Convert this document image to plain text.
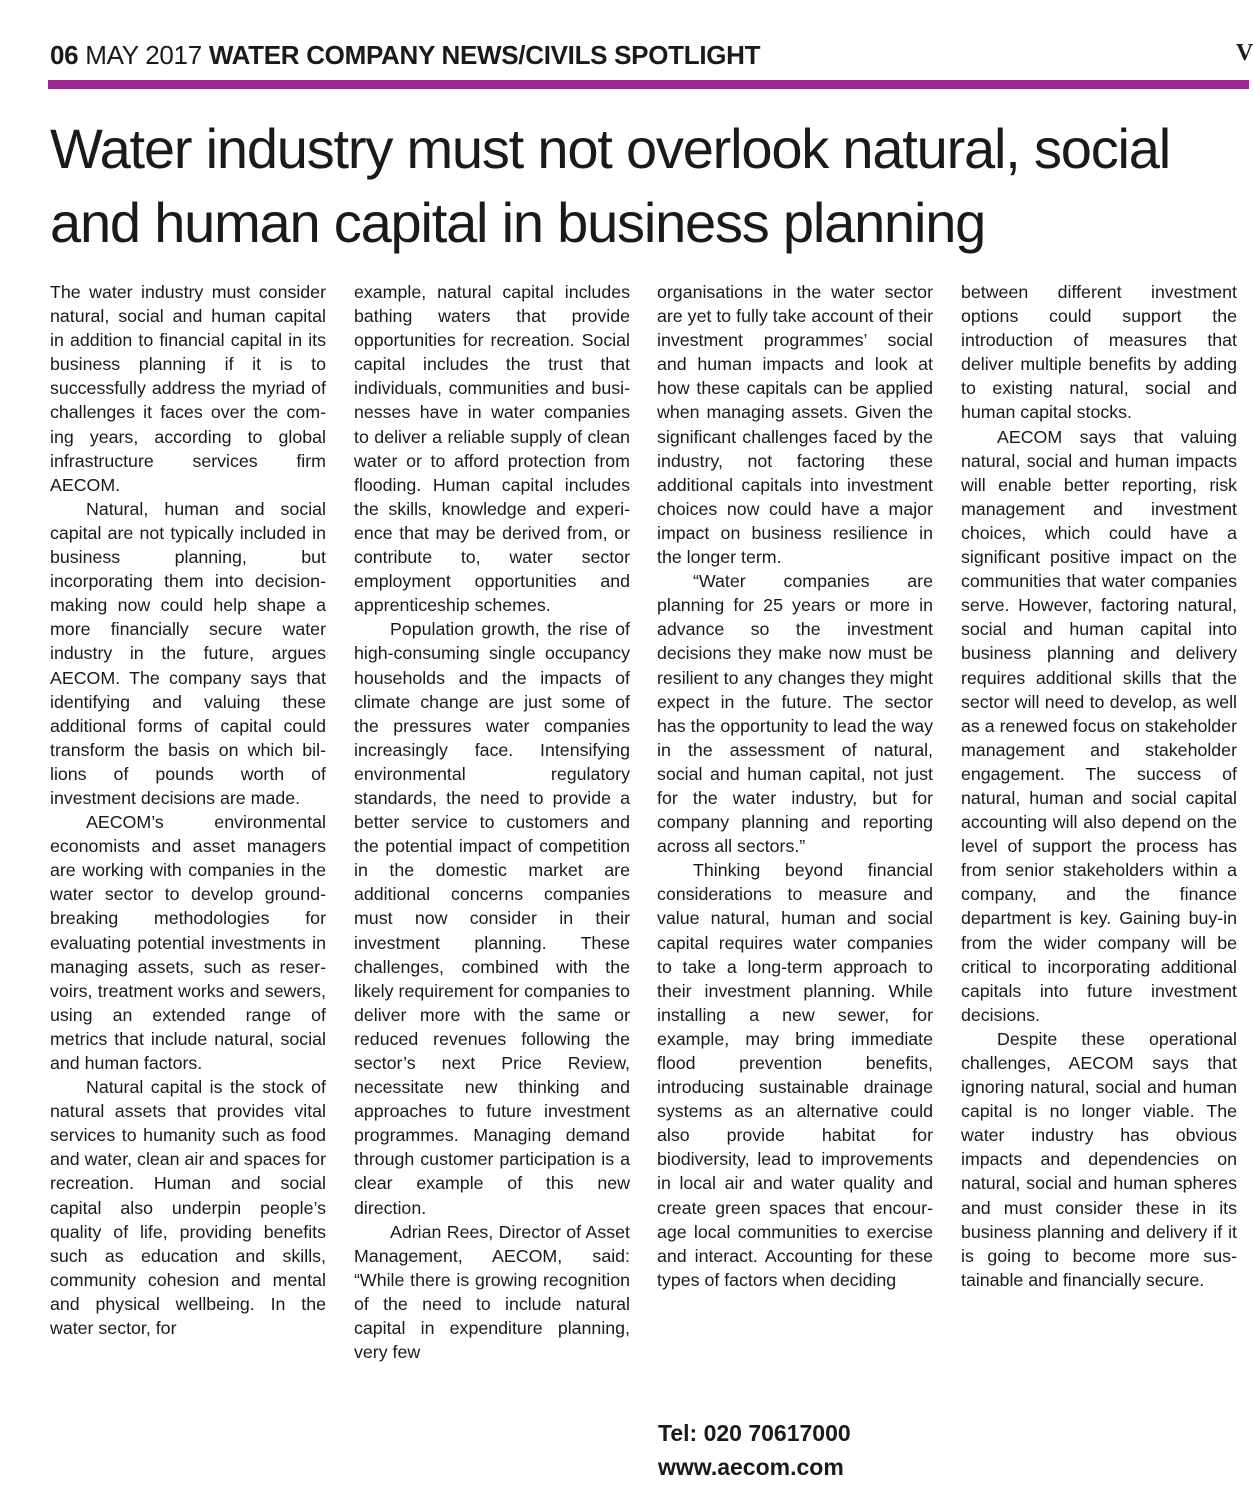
06 MAY 2017 WATER COMPANY NEWS/CIVILS SPOTLIGHT	V
Water industry must not overlook natural, social and human capital in business planning

The water industry must consider natural, social and human capital in addition to financial capital in its business planning if it is to successfully address the myriad of challenges it faces over the coming years, according to global infrastructure services firm AECOM.

Natural, human and social capital are not typically included in business planning, but incorporating them into decision-making now could help shape a more financially secure water industry in the future, argues AECOM. The company says that identifying and valuing these additional forms of capital could transform the basis on which billions of pounds worth of investment decisions are made.

AECOM’s environmental economists and asset managers are working with companies in the water sector to develop ground-breaking methodologies for evaluating potential investments in managing assets, such as reservoirs, treatment works and sewers, using an extended range of metrics that include natural, social and human factors.

Natural capital is the stock of natural assets that provides vital services to humanity such as food and water, clean air and spaces for recreation. Human and social capital also underpin people’s quality of life, providing benefits such as education and skills, community cohesion and mental and physical wellbeing. In the water sector, for

example, natural capital includes bathing waters that provide opportunities for recreation. Social capital includes the trust that individuals, communities and businesses have in water companies to deliver a reliable supply of clean water or to afford protection from flooding. Human capital includes the skills, knowledge and experience that may be derived from, or contribute to, water sector employment opportunities and apprenticeship schemes.

Population growth, the rise of high-consuming single occupancy households and the impacts of climate change are just some of the pressures water companies increasingly face. Intensifying environmental regulatory standards, the need to provide a better service to customers and the potential impact of competition in the domestic market are additional concerns companies must now consider in their investment planning. These challenges, combined with the likely requirement for companies to deliver more with the same or reduced revenues following the sector’s next Price Review, necessitate new thinking and approaches to future investment programmes. Managing demand through customer participation is a clear example of this new direction.

Adrian Rees, Director of Asset Management, AECOM, said: “While there is growing recognition of the need to include natural capital in expenditure planning, very few

organisations in the water sector are yet to fully take account of their investment programmes’ social and human impacts and look at how these capitals can be applied when managing assets. Given the significant challenges faced by the industry, not factoring these additional capitals into investment choices now could have a major impact on business resilience in the longer term.

“Water companies are planning for 25 years or more in advance so the investment decisions they make now must be resilient to any changes they might expect in the future. The sector has the opportunity to lead the way in the assessment of natural, social and human capital, not just for the water industry, but for company planning and reporting across all sectors.”

Thinking beyond financial considerations to measure and value natural, human and social capital requires water companies to take a long-term approach to their investment planning. While installing a new sewer, for example, may bring immediate flood prevention benefits, introducing sustainable drainage systems as an alternative could also provide habitat for biodiversity, lead to improvements in local air and water quality and create green spaces that encourage local communities to exercise and interact. Accounting for these types of factors when deciding

between different investment options could support the introduction of measures that deliver multiple benefits by adding to existing natural, social and human capital stocks.

AECOM says that valuing natural, social and human impacts will enable better reporting, risk management and investment choices, which could have a significant positive impact on the communities that water companies serve. However, factoring natural, social and human capital into business planning and delivery requires additional skills that the sector will need to develop, as well as a renewed focus on stakeholder management and stakeholder engagement. The success of natural, human and social capital accounting will also depend on the level of support the process has from senior stakeholders within a company, and the finance department is key. Gaining buy-in from the wider company will be critical to incorporating additional capitals into future investment decisions.

Despite these operational challenges, AECOM says that ignoring natural, social and human capital is no longer viable. The water industry has obvious impacts and dependencies on natural, social and human spheres and must consider these in its business planning and delivery if it is going to become more sustainable and financially secure.

Tel: 020 70617000
www.aecom.com
